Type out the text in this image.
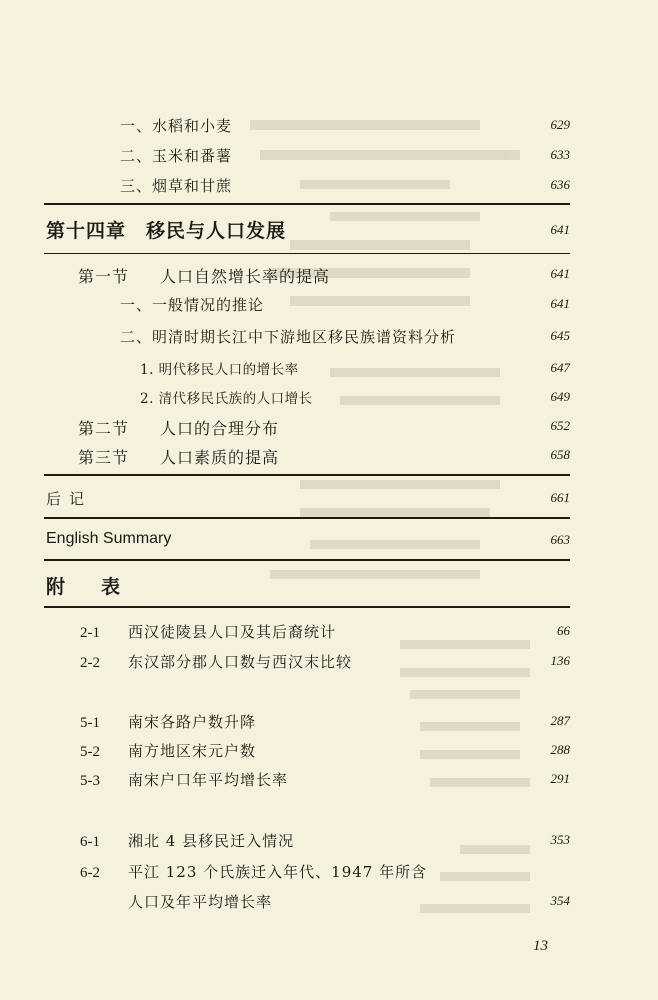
一、水稻和小麦	629
二、玉米和番薯	633
三、烟草和甘蔗	636
第十四章　移民与人口发展	641
第一节 人口自然增长率的提高	641
一、一般情况的推论	641
二、明清时期长江中下游地区移民族谱资料分析	645
1. 明代移民人口的增长率	647
2. 清代移民氏族的人口增长	649
第二节 人口的合理分布	652
第三节 人口素质的提高	658
后记	661
English Summary	663
附表
2-1 西汉徒陵县人口及其后裔统计	66
2-2 东汉部分郡人口数与西汉末比较	136
5-1 南宋各路户数升降	287
5-2 南方地区宋元户数	288
5-3 南宋户口年平均增长率	291
6-1 湘北 4 县移民迁入情况	353
6-2 平江 123 个氏族迁入年代、1947 年所含
人口及年平均增长率	354
13
